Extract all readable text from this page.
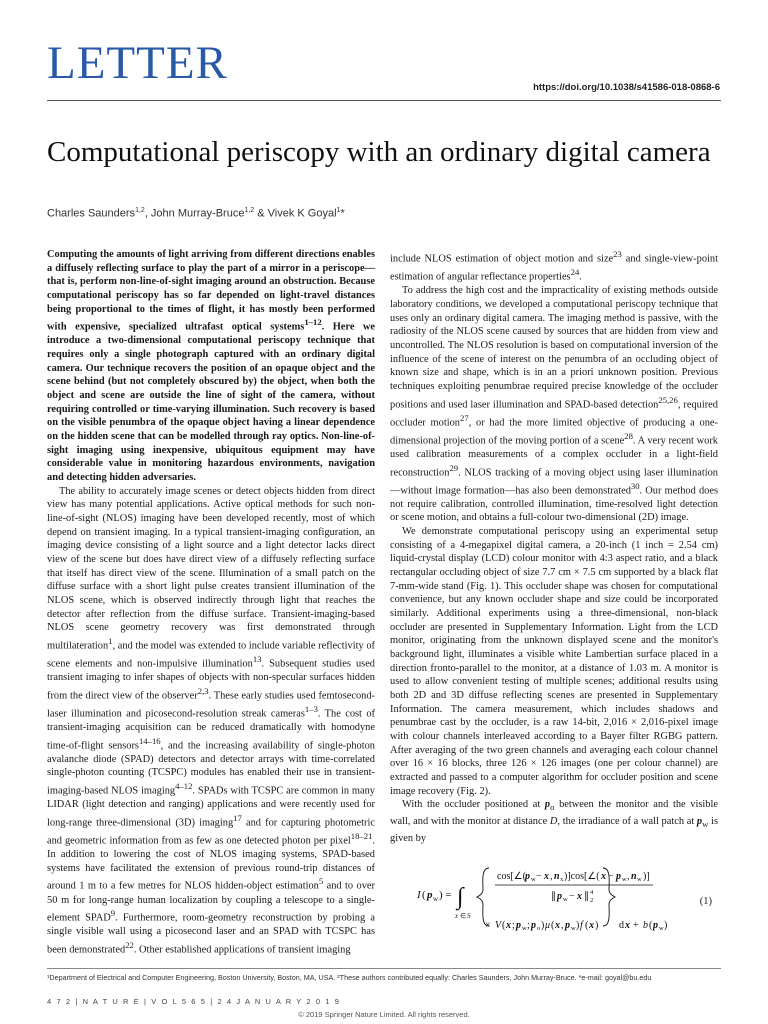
LETTER	https://doi.org/10.1038/s41586-018-0868-6
Computational periscopy with an ordinary digital camera
Charles Saunders$^{1,2}$, John Murray-Bruce$^{1,2}$ & Vivek K Goyal$^1$*

Computing the amounts of light arriving from different directions enables a diffusely reflecting surface to play the part of a mirror in a periscope—that is, perform non-line-of-sight imaging around an obstruction. Because computational periscopy has so far depended on light-travel distances being proportional to the times of flight, it has mostly been performed with expensive, specialized ultrafast optical systems$^{1-12}$. Here we introduce a two-dimensional computational periscopy technique that requires only a single photograph captured with an ordinary digital camera. Our technique recovers the position of an opaque object and the scene behind (but not completely obscured by) the object, when both the object and scene are outside the line of sight of the camera, without requiring controlled or time-varying illumination. Such recovery is based on the visible penumbra of the opaque object having a linear dependence on the hidden scene that can be modelled through ray optics. Non-line-of-sight imaging using inexpensive, ubiquitous equipment may have considerable value in monitoring hazardous environments, navigation and detecting hidden adversaries.

The ability to accurately image scenes or detect objects hidden from direct view has many potential applications. Active optical methods for such non-line-of-sight (NLOS) imaging have been developed recently, most of which depend on transient imaging. In a typical transient-imaging configuration, an imaging device consisting of a light source and a light detector lacks direct view of the scene but does have direct view of a diffusely reflecting surface that itself has direct view of the scene. Illumination of a small patch on the diffuse surface with a short light pulse creates transient illumination of the NLOS scene, which is observed indirectly through light that reaches the detector after reflection from the diffuse surface. Transient-imaging-based NLOS scene geometry recovery was first demonstrated through multilateration$^1$, and the model was extended to include variable reflectivity of scene elements and non-impulsive illumination$^{13}$. Subsequent studies used transient imaging to infer shapes of objects with non-specular surfaces hidden from the direct view of the observer$^{2,3}$. These early studies used femtosecond-laser illumination and picosecond-resolution streak cameras$^{1-3}$. The cost of transient-imaging acquisition can be reduced dramatically with homodyne time-of-flight sensors$^{14-16}$, and the increasing availability of single-photon avalanche diode (SPAD) detectors and detector arrays with time-correlated single-photon counting (TCSPC) modules has enabled their use in transient-imaging-based NLOS imaging$^{4-12}$. SPADs with TCSPC are common in many LIDAR (light detection and ranging) applications and were recently used for long-range three-dimensional (3D) imaging$^{17}$ and for capturing photometric and geometric information from as few as one detected photon per pixel$^{18-21}$. In addition to lowering the cost of NLOS imaging systems, SPAD-based systems have facilitated the extension of previous round-trip distances of around 1 m to a few metres for NLOS hidden-object estimation$^5$ and to over 50 m for long-range human localization by coupling a telescope to a single-element SPAD$^9$. Furthermore, room-geometry reconstruction by probing a single visible wall using a picosecond laser and an SPAD with TCSPC has been demonstrated$^{22}$. Other established applications of transient imaging

include NLOS estimation of object motion and size$^{23}$ and single-view-point estimation of angular reflectance properties$^{24}$.

To address the high cost and the impracticality of existing methods outside laboratory conditions, we developed a computational periscopy technique that uses only an ordinary digital camera. The imaging method is passive, with the radiosity of the NLOS scene caused by sources that are hidden from view and uncontrolled. The NLOS resolution is based on computational inversion of the influence of the scene of interest on the penumbra of an occluding object of known size and shape, which is in an a priori unknown position. Previous techniques exploiting penumbrae required precise knowledge of the occluder positions and used laser illumination and SPAD-based detection$^{25,26}$, required occluder motion$^{27}$, or had the more limited objective of producing a one-dimensional projection of the moving portion of a scene$^{28}$. A very recent work used calibration measurements of a complex occluder in a light-field reconstruction$^{29}$. NLOS tracking of a moving object using laser illumination—without image formation—has also been demonstrated$^{30}$. Our method does not require calibration, controlled illumination, time-resolved light detection or scene motion, and obtains a full-colour two-dimensional (2D) image.

We demonstrate computational periscopy using an experimental setup consisting of a 4-megapixel digital camera, a 20-inch (1 inch = 2.54 cm) liquid-crystal display (LCD) colour monitor with 4:3 aspect ratio, and a black rectangular occluding object of size 7.7 cm × 7.5 cm supported by a black flat 7-mm-wide stand (Fig. 1). This occluder shape was chosen for computational convenience, but any known occluder shape and size could be incorporated similarly. Additional experiments using a three-dimensional, non-black occluder are presented in Supplementary Information. Light from the LCD monitor, originating from the unknown displayed scene and the monitor's background light, illuminates a visible white Lambertian surface placed in a direction fronto-parallel to the monitor, at a distance of 1.03 m. A monitor is used to allow convenient testing of multiple scenes; additional results using both 2D and 3D diffuse reflecting scenes are presented in Supplementary Information. The camera measurement, which includes shadows and penumbrae cast by the occluder, is a raw 14-bit, 2,016 × 2,016-pixel image with colour channels interleaved according to a Bayer filter RGBG pattern. After averaging of the two green channels and averaging each colour channel over 16 × 16 blocks, three 126 × 126 images (one per colour channel) are extracted and passed to a computer algorithm for occluder position and scene image recovery (Fig. 2).

With the occluder positioned at $p_o$ between the monitor and the visible wall, and with the monitor at distance D, the irradiance of a wall patch at $p_w$ is given by

I ( p w ) = ∫
x ∈ S
cos[∠( p w − x , n x )]cos[∠( x − p w , n w )]
∥ p w − x ∥ 4
2
× V ( x ; p w ; p o ) μ ( x , p w ) f ( x ) d x + b ( p w )
(1)
¹Department of Electrical and Computer Engineering, Boston University, Boston, MA, USA. ²These authors contributed equally: Charles Saunders, John Murray-Bruce. *e-mail: goyal@bu.edu
4 7 2 | N A T U R E | V O L 5 6 5 | 2 4 J A N U A R Y 2 0 1 9
© 2019 Springer Nature Limited. All rights reserved.
